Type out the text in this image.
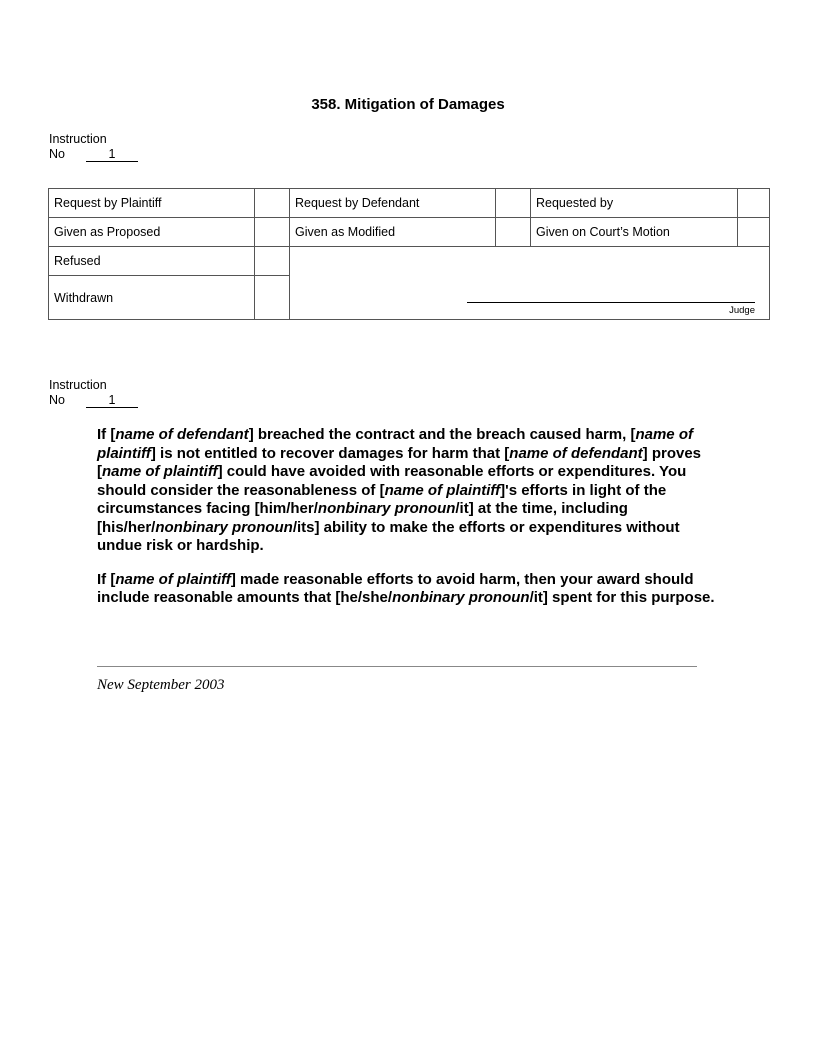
358. Mitigation of Damages
Instruction
No	1
Request by Plaintiff		Request by Defendant		Requested by	
Given as Proposed		Given as Modified		Given on Court’s Motion	
Refused		Judge			

Withdrawn					
Instruction
No	1

If [name of defendant] breached the contract and the breach caused harm, [name of plaintiff] is not entitled to recover damages for harm that [name of defendant] proves [name of plaintiff] could have avoided with reasonable efforts or expenditures. You should consider the reasonableness of [name of plaintiff]'s efforts in light of the circumstances facing [him/her/nonbinary pronoun/it] at the time, including [his/her/nonbinary pronoun/its] ability to make the efforts or expenditures without undue risk or hardship.

If [name of plaintiff] made reasonable efforts to avoid harm, then your award should include reasonable amounts that [he/she/nonbinary pronoun/it] spent for this purpose.

New September 2003
